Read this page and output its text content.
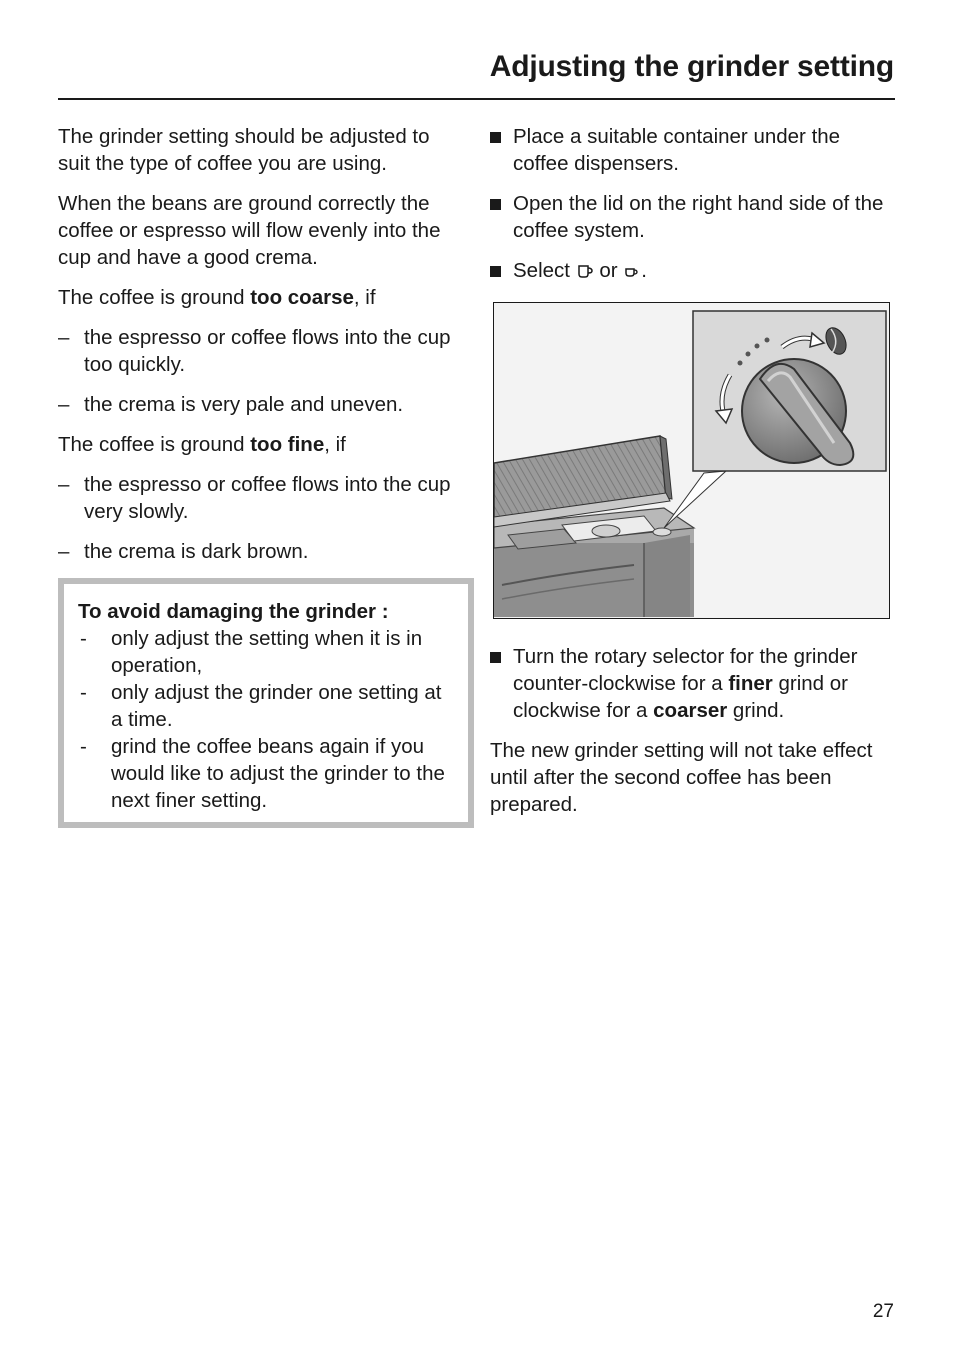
Adjusting the grinder setting

The grinder setting should be adjusted to suit the type of coffee you are using.

When the beans are ground correctly the coffee or espresso will flow evenly into the cup and have a good crema.

The coffee is ground too coarse, if

– the espresso or coffee flows into the cup too quickly.
– the crema is very pale and uneven.

The coffee is ground too fine, if

– the espresso or coffee flows into the cup very slowly.
– the crema is dark brown.

To avoid damaging the grinder :

- only adjust the setting when it is in operation,
- only adjust the grinder one setting at a time.
- grind the coffee beans again if you would like to adjust the grinder to the next finer setting.
Place a suitable container under the coffee dispensers.
Open the lid on the right hand side of the coffee system.
Select  or .
Turn the rotary selector for the grinder counter-clockwise for a finer grind or clockwise for a coarser grind.

The new grinder setting will not take effect until after the second coffee has been prepared.

27
